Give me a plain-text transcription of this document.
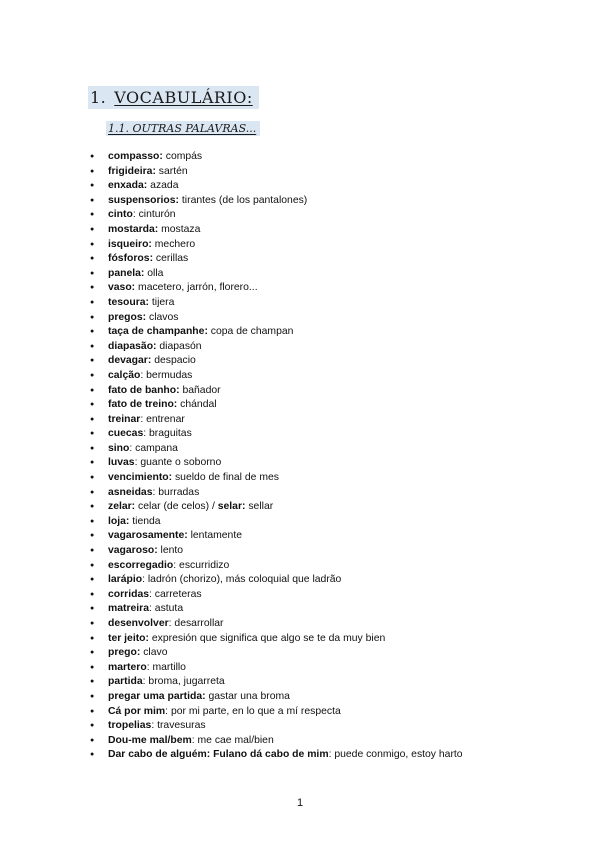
1. VOCABULÁRIO:
1.1. OUTRAS PALAVRAS...
● compasso: compás
● frigideira: sartén
● enxada: azada
● suspensorios: tirantes (de los pantalones)
● cinto: cinturón
● mostarda: mostaza
● isqueiro: mechero
● fósforos: cerillas
● panela: olla
● vaso: macetero, jarrón, florero...
● tesoura: tijera
● pregos: clavos
● taça de champanhe: copa de champan
● diapasão: diapasón
● devagar: despacio
● calção: bermudas
● fato de banho: bañador
● fato de treino: chándal
● treinar: entrenar
● cuecas: braguitas
● sino: campana
● luvas: guante o soborno
● vencimiento: sueldo de final de mes
● asneidas: burradas
● zelar: celar (de celos) / selar: sellar
● loja: tienda
● vagarosamente: lentamente
● vagaroso: lento
● escorregadio: escurridizo
● larápio: ladrón (chorizo), más coloquial que ladrão
● corridas: carreteras
● matreira: astuta
● desenvolver: desarrollar
● ter jeito: expresión que significa que algo se te da muy bien
● prego: clavo
● martero: martillo
● partida: broma, jugarreta
● pregar uma partida: gastar una broma
● Cá por mim: por mi parte, en lo que a mí respecta
● tropelias: travesuras
● Dou-me mal/bem: me cae mal/bien
● Dar cabo de alguém: Fulano dá cabo de mim: puede conmigo, estoy harto
1
